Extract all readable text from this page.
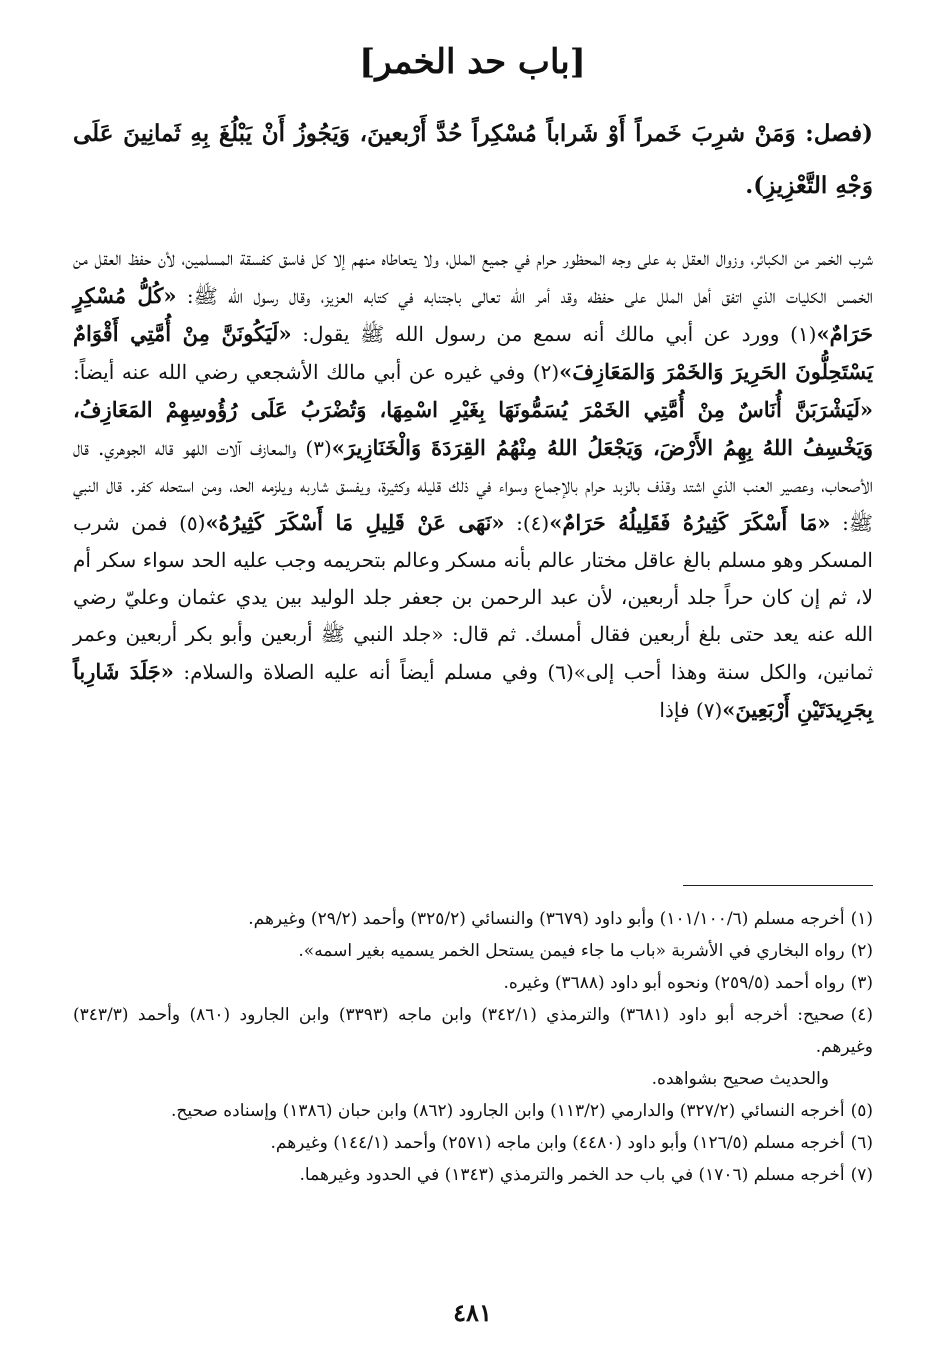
[باب حد الخمر]
(فصل: وَمَنْ شرِبَ خَمراً أَوْ شَراباً مُسْكِراً حُدَّ أَرْبعينَ، وَيَجُوزُ أَنْ يَبْلُغَ بِهِ ثَمانِينَ عَلَى وَجْهِ التَّعْزِيزِ).

شرب الخمر من الكبائر، وزوال العقل به على وجه المحظور حرام في جميع الملل، ولا يتعاطاه منهم إلا كل فاسق كفسقة المسلمين، لأن حفظ العقل من الخمس الكليات الذي اتفق أهل الملل على حفظه وقد أمر الله تعالى باجتنابه في كتابه العزيز، وقال رسول الله ﷺ: «كُلُّ مُسْكِرٍ حَرَامٌ»(١) وورد عن أبي مالك أنه سمع من رسول الله ﷺ يقول: «لَيَكُونَنَّ مِنْ أُمَّتِي أَقْوَامٌ يَسْتَحِلُّونَ الحَرِيرَ وَالخَمْرَ وَالمَعَازِفَ»(٢) وفي غيره عن أبي مالك الأشجعي رضي الله عنه أيضاً: «لَيَشْرَبَنَّ أُنَاسٌ مِنْ أُمَّتِي الخَمْرَ يُسَمُّونَهَا بِغَيْرِ اسْمِهَا، وَتُضْرَبُ عَلَى رُؤُوسِهِمْ المَعَازِفُ، وَيَخْسِفُ اللهُ بِهِمُ الأَرْضَ، وَيَجْعَلُ اللهُ مِنْهُمُ القِرَدَةَ وَالْخَنَازِيرَ»(٣) والمعازف آلات اللهو قاله الجوهري. قال الأصحاب، وعصير العنب الذي اشتد وقذف بالزبد حرام بالإجماع وسواء في ذلك قليله وكثيرة، ويفسق شاربه ويلزمه الحد، ومن استحله كفر. قال النبي ﷺ: «مَا أَسْكَرَ كَثِيرُهُ فَقَلِيلُهُ حَرَامٌ»(٤): «نَهَى عَنْ قَلِيلِ مَا أَسْكَرَ كَثِيرُهُ»(٥) فمن شرب المسكر وهو مسلم بالغ عاقل مختار عالم بأنه مسكر وعالم بتحريمه وجب عليه الحد سواء سكر أم لا، ثم إن كان حراً جلد أربعين، لأن عبد الرحمن بن جعفر جلد الوليد بين يدي عثمان وعليّ رضي الله عنه يعد حتى بلغ أربعين فقال أمسك. ثم قال: «جلد النبي ﷺ أربعين وأبو بكر أربعين وعمر ثمانين، والكل سنة وهذا أحب إلى»(٦) وفي مسلم أيضاً أنه عليه الصلاة والسلام: «جَلَدَ شَارِباً بِجَرِيدَتَيْنِ أَرْبَعِينَ»(٧) فإذا

(١)أخرجه مسلم (١٠١/١٠٠/٦) وأبو داود (٣٦٧٩) والنسائي (٣٢٥/٢) وأحمد (٢٩/٢) وغيرهم.

(٢)رواه البخاري في الأشربة «باب ما جاء فيمن يستحل الخمر يسميه بغير اسمه».

(٣)رواه أحمد (٢٥٩/٥) ونحوه أبو داود (٣٦٨٨) وغيره.

(٤)صحيح: أخرجه أبو داود (٣٦٨١) والترمذي (٣٤٢/١) وابن ماجه (٣٣٩٣) وابن الجارود (٨٦٠) وأحمد (٣٤٣/٣) وغيرهم.

والحديث صحيح بشواهده.

(٥)أخرجه النسائي (٣٢٧/٢) والدارمي (١١٣/٢) وابن الجارود (٨٦٢) وابن حبان (١٣٨٦) وإسناده صحيح.

(٦)أخرجه مسلم (١٢٦/٥) وأبو داود (٤٤٨٠) وابن ماجه (٢٥٧١) وأحمد (١٤٤/١) وغيرهم.

(٧)أخرجه مسلم (١٧٠٦) في باب حد الخمر والترمذي (١٣٤٣) في الحدود وغيرهما.

٤٨١
